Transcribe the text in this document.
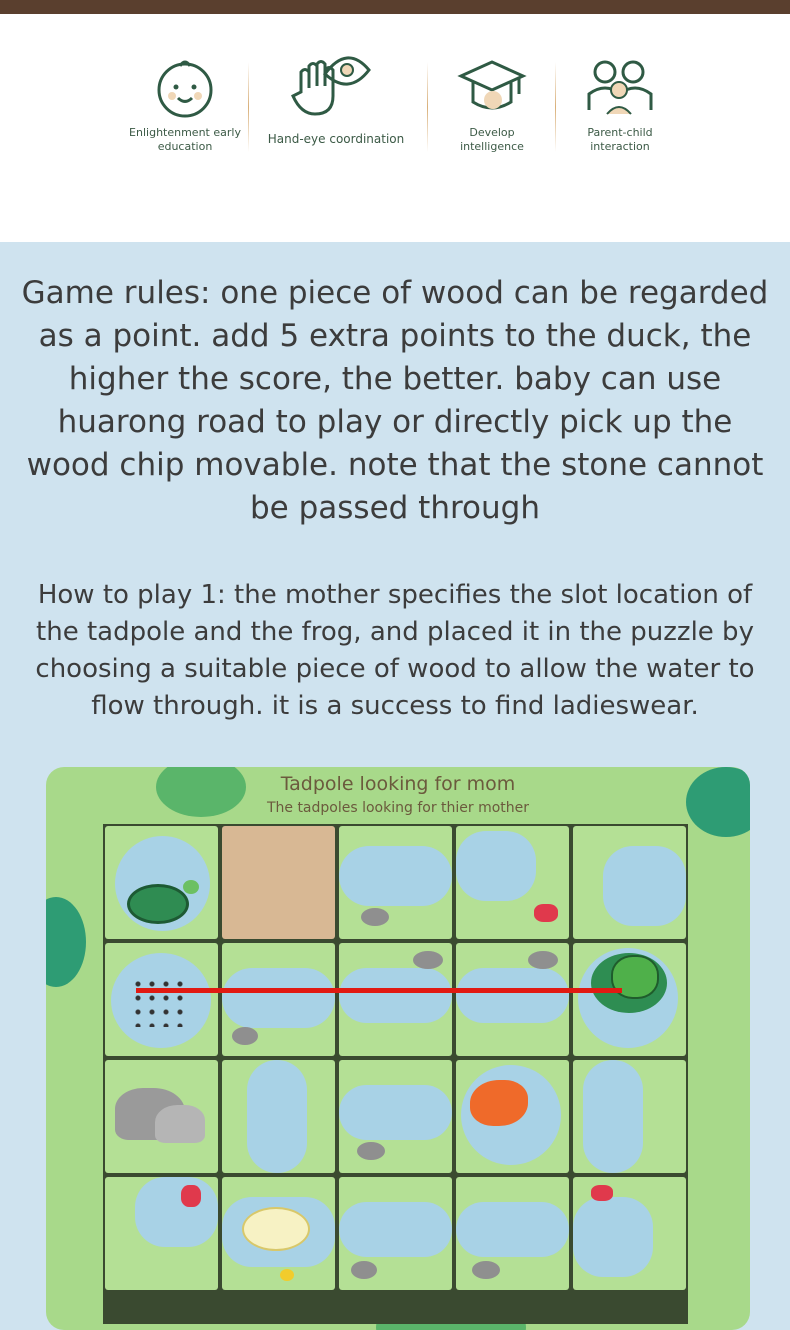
Enlightenment early
education
Hand-eye coordination	Develop
intelligence
Parent-child
interaction
Game rules: one piece of wood can be regarded as a point. add 5 extra points to the duck, the higher the score, the better. baby can use huarong road to play or directly pick up the wood chip movable. note that the stone cannot be passed through
How to play 1: the mother specifies the slot location of the tadpole and the frog, and placed it in the puzzle by choosing a suitable piece of wood to allow the water to flow through. it is a success to find ladieswear.
Tadpole looking for mom
The tadpoles looking for thier mother
